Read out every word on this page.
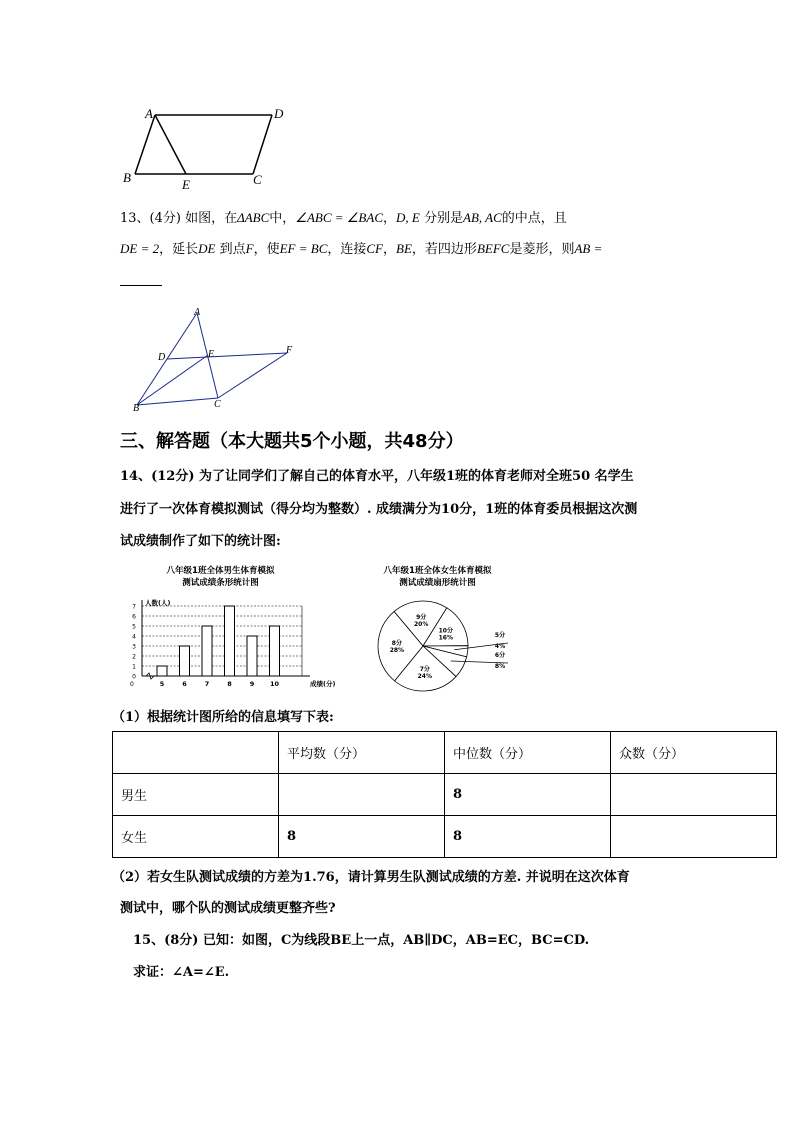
A	D
B	E	C
13、(4分) 如图，在ΔABC中，∠ABC = ∠BAC，D, E 分别是AB, AC的中点，且
DE = 2，延长DE 到点F，使EF = BC，连接CF，BE，若四边形BEFC是菱形，则AB =
A
D	E	F
B	C
三、解答题（本大题共5个小题，共48分）
14、(12分) 为了让同学们了解自己的体育水平，八年级1班的体育老师对全班50 名学生
进行了一次体育模拟测试（得分均为整数）. 成绩满分为10分，1班的体育委员根据这次测
试成绩制作了如下的统计图:
八年级1班全体男生体育模拟
测试成绩条形统计图
0
1
2
3
4
5
6
7 人数(人)
成绩(分)
0	5	6	7	8	9 10
八年级1班全体女生体育模拟
测试成绩扇形统计图
9分
20%
10分
16%	5分
4%
6分
8%
7分
24%
8分
28%
（1）根据统计图所给的信息填写下表:
	平均数（分）	中位数（分）	众数（分）
男生		8	
女生	8	8	
（2）若女生队测试成绩的方差为1.76，请计算男生队测试成绩的方差. 并说明在这次体育
测试中，哪个队的测试成绩更整齐些?
15、(8分) 已知：如图，C为线段BE上一点，AB∥DC，AB=EC，BC=CD.
求证：∠A=∠E.
